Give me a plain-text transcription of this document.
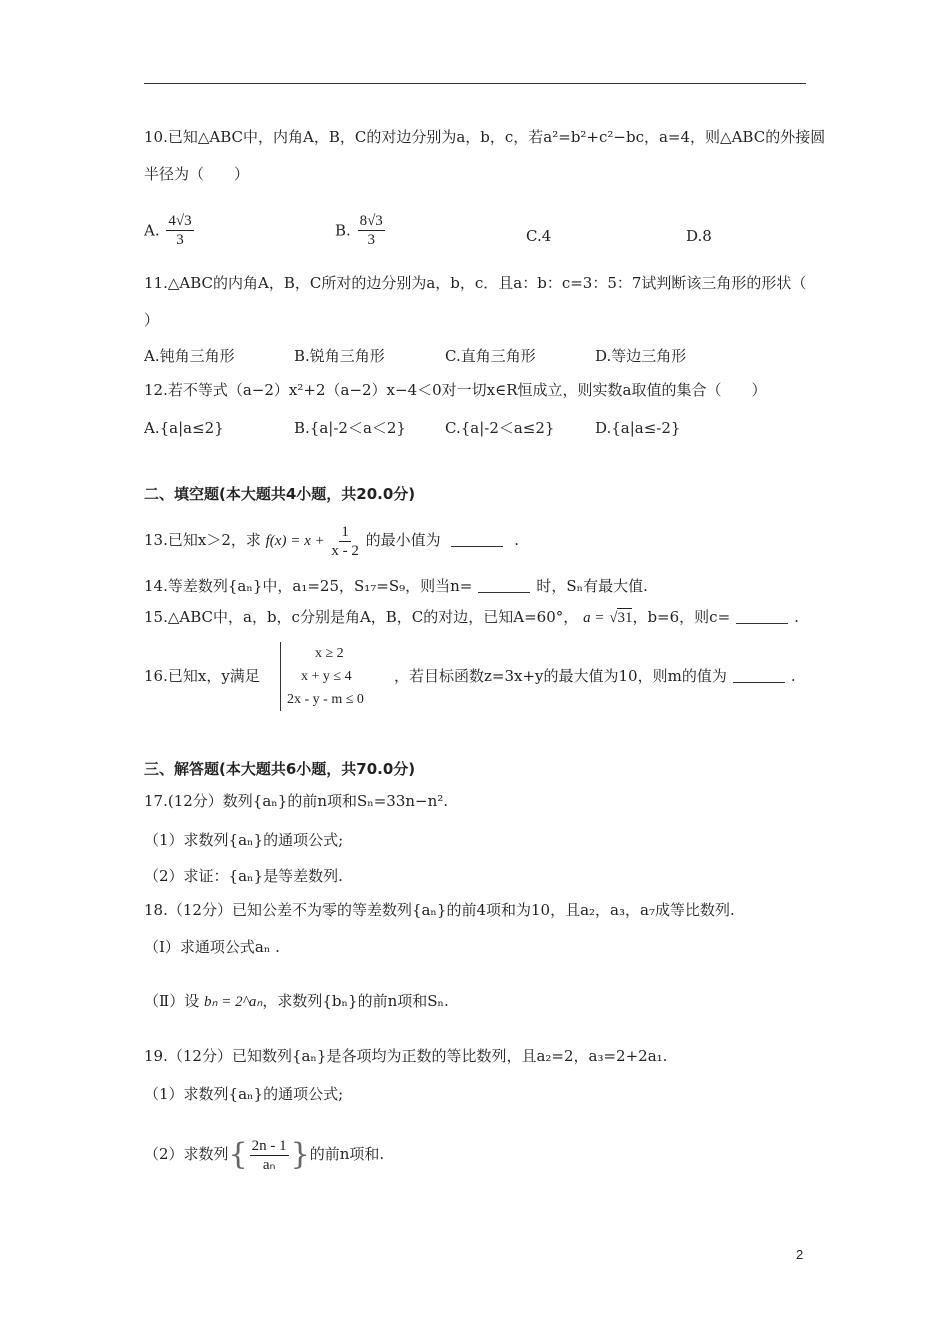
10.已知△ABC中，内角A，B，C的对边分别为a，b，c，若a²=b²+c²−bc，a=4，则△ABC的外接圆
半径为（　　）
A. $\frac{4√3}{3}$	B. $\frac{8√3}{3}$	C.4	D.8
11.△ABC的内角A，B，C所对的边分别为a，b，c．且a：b：c=3：5：7试判断该三角形的形状（
）
A.钝角三角形	B.锐角三角形	C.直角三角形	D.等边三角形
12.若不等式（a−2）x²+2（a−2）x−4＜0对一切x∈R恒成立，则实数a取值的集合（　　）
A.{a|a≤2}	B.{a|-2＜a＜2}	C.{a|-2＜a≤2}	D.{a|a≤-2}
二、填空题(本大题共4小题，共20.0分)
13.已知x＞2，求 $f(x) = x + \frac{1}{x - 2}$ 的最小值为	.
14.等差数列{aₙ}中，a₁=25，S₁₇=S₉，则当n=	时，Sₙ有最大值.
15.△ABC中，a，b，c分别是角A，B，C的对边，已知A=60°， a = √31，b=6，则c=	.
16.已知x，y满足
x ≥ 2
x + y ≤ 4
2x - y - m ≤ 0
，若目标函数z=3x+y的最大值为10，则m的值为	.
三、解答题(本大题共6小题，共70.0分)
17.(12分）数列{aₙ}的前n项和Sₙ=33n−n².
（1）求数列{aₙ}的通项公式;
（2）求证：{aₙ}是等差数列.
18.（12分）已知公差不为零的等差数列{aₙ}的前4项和为10，且a₂，a₃，a₇成等比数列.
（Ⅰ）求通项公式aₙ .
（Ⅱ）设 bₙ = 2^aₙ，求数列{bₙ}的前n项和Sₙ.
19.（12分）已知数列{aₙ}是各项均为正数的等比数列，且a₂=2，a₃=2+2a₁.
（1）求数列{aₙ}的通项公式;
（2）求数列{ $\frac{2n - 1}{\text{aₙ}}$ }的前n项和.
2
